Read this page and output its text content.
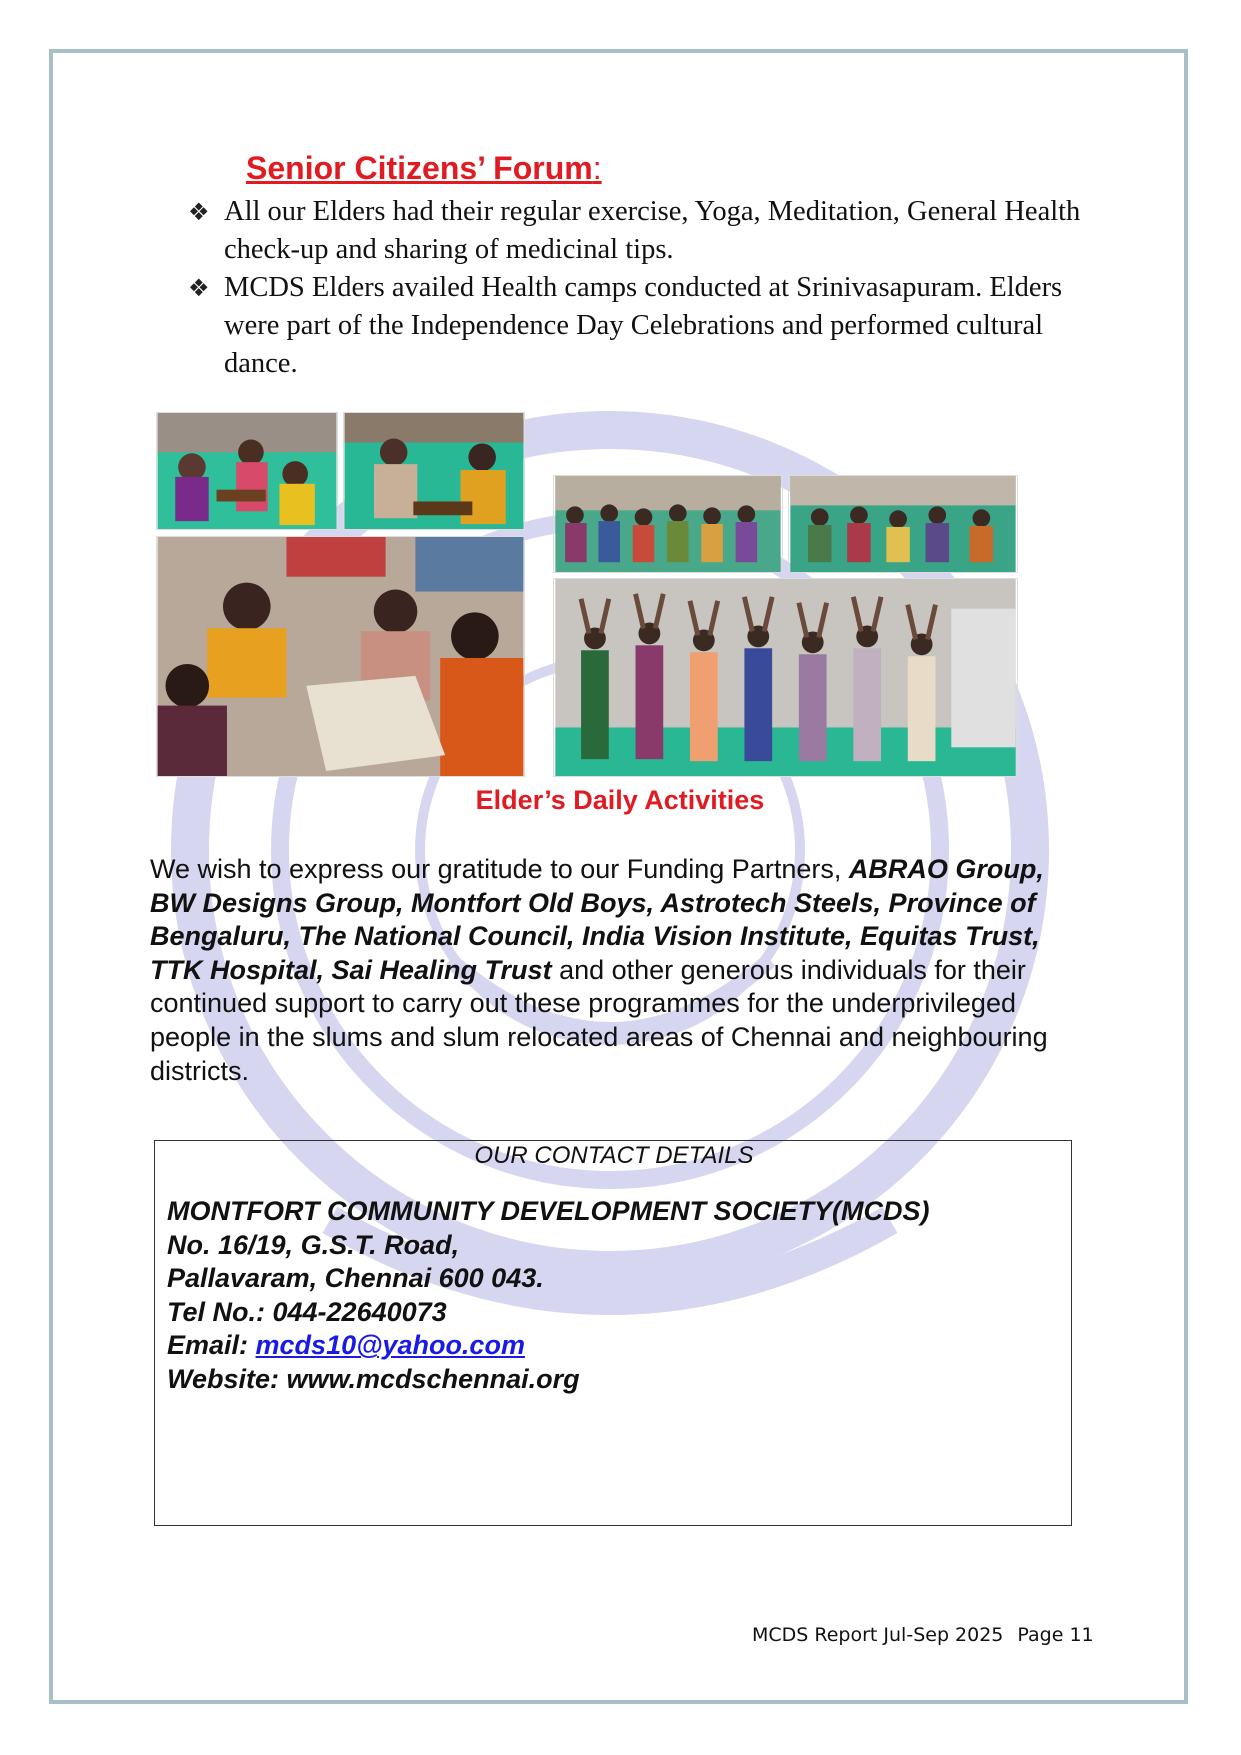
Senior Citizens’ Forum:
❖ All our Elders had their regular exercise, Yoga, Meditation, General Health check-up and sharing of medicinal tips.
❖ MCDS Elders availed Health camps conducted at Srinivasapuram. Elders were part of the Independence Day Celebrations and performed cultural dance.
Elder’s Daily Activities
We wish to express our gratitude to our Funding Partners, ABRAO Group, BW Designs Group, Montfort Old Boys, Astrotech Steels, Province of Bengaluru, The National Council, India Vision Institute, Equitas Trust, TTK Hospital, Sai Healing Trust and other generous individuals for their continued support to carry out these programmes for the underprivileged people in the slums and slum relocated areas of Chennai and neighbouring districts.
OUR CONTACT DETAILS
MONTFORT COMMUNITY DEVELOPMENT SOCIETY(MCDS)
No. 16/19, G.S.T. Road,
Pallavaram, Chennai 600 043.
Tel No.: 044-22640073
Email: mcds10@yahoo.com
Website: www.mcdschennai.org
MCDS Report Jul-Sep 2025 Page 11
